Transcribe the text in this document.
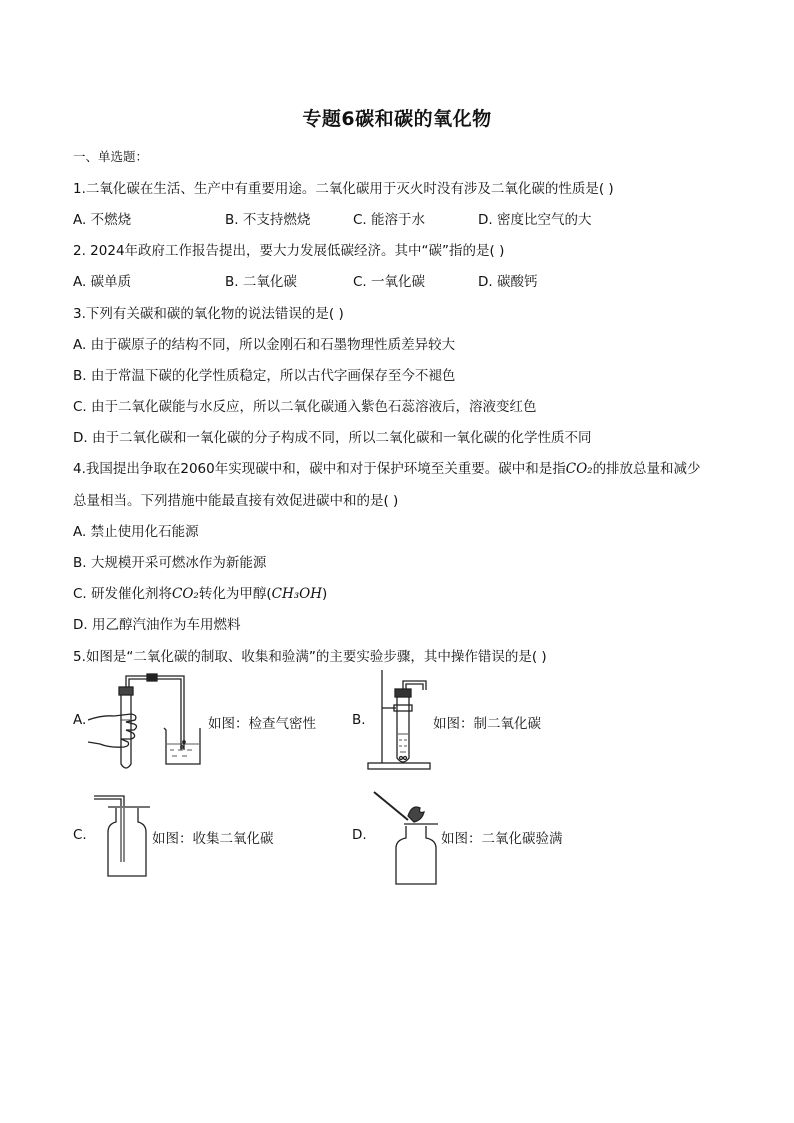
专题6碳和碳的氧化物
一、单选题：
1.二氧化碳在生活、生产中有重要用途。二氧化碳用于灭火时没有涉及二氧化碳的性质是( )
A. 不燃烧	B. 不支持燃烧	C. 能溶于水	D. 密度比空气的大
2. 2024年政府工作报告提出，要大力发展低碳经济。其中“碳”指的是( )
A. 碳单质	B. 二氧化碳	C. 一氧化碳	D. 碳酸钙
3.下列有关碳和碳的氧化物的说法错误的是( )
A. 由于碳原子的结构不同，所以金刚石和石墨物理性质差异较大
B. 由于常温下碳的化学性质稳定，所以古代字画保存至今不褪色
C. 由于二氧化碳能与水反应，所以二氧化碳通入紫色石蕊溶液后，溶液变红色
D. 由于二氧化碳和一氧化碳的分子构成不同，所以二氧化碳和一氧化碳的化学性质不同
4.我国提出争取在2060年实现碳中和，碳中和对于保护环境至关重要。碳中和是指CO₂的排放总量和减少
总量相当。下列措施中能最直接有效促进碳中和的是( )
A. 禁止使用化石能源
B. 大规模开采可燃冰作为新能源
C. 研发催化剂将CO₂转化为甲醇(CH₃OH)
D. 用乙醇汽油作为车用燃料
5.如图是“二氧化碳的制取、收集和验满”的主要实验步骤，其中操作错误的是( )
A.	如图：检查气密性	B.	如图：制二氧化碳
C.	如图：收集二氧化碳	D.	如图：二氧化碳验满
